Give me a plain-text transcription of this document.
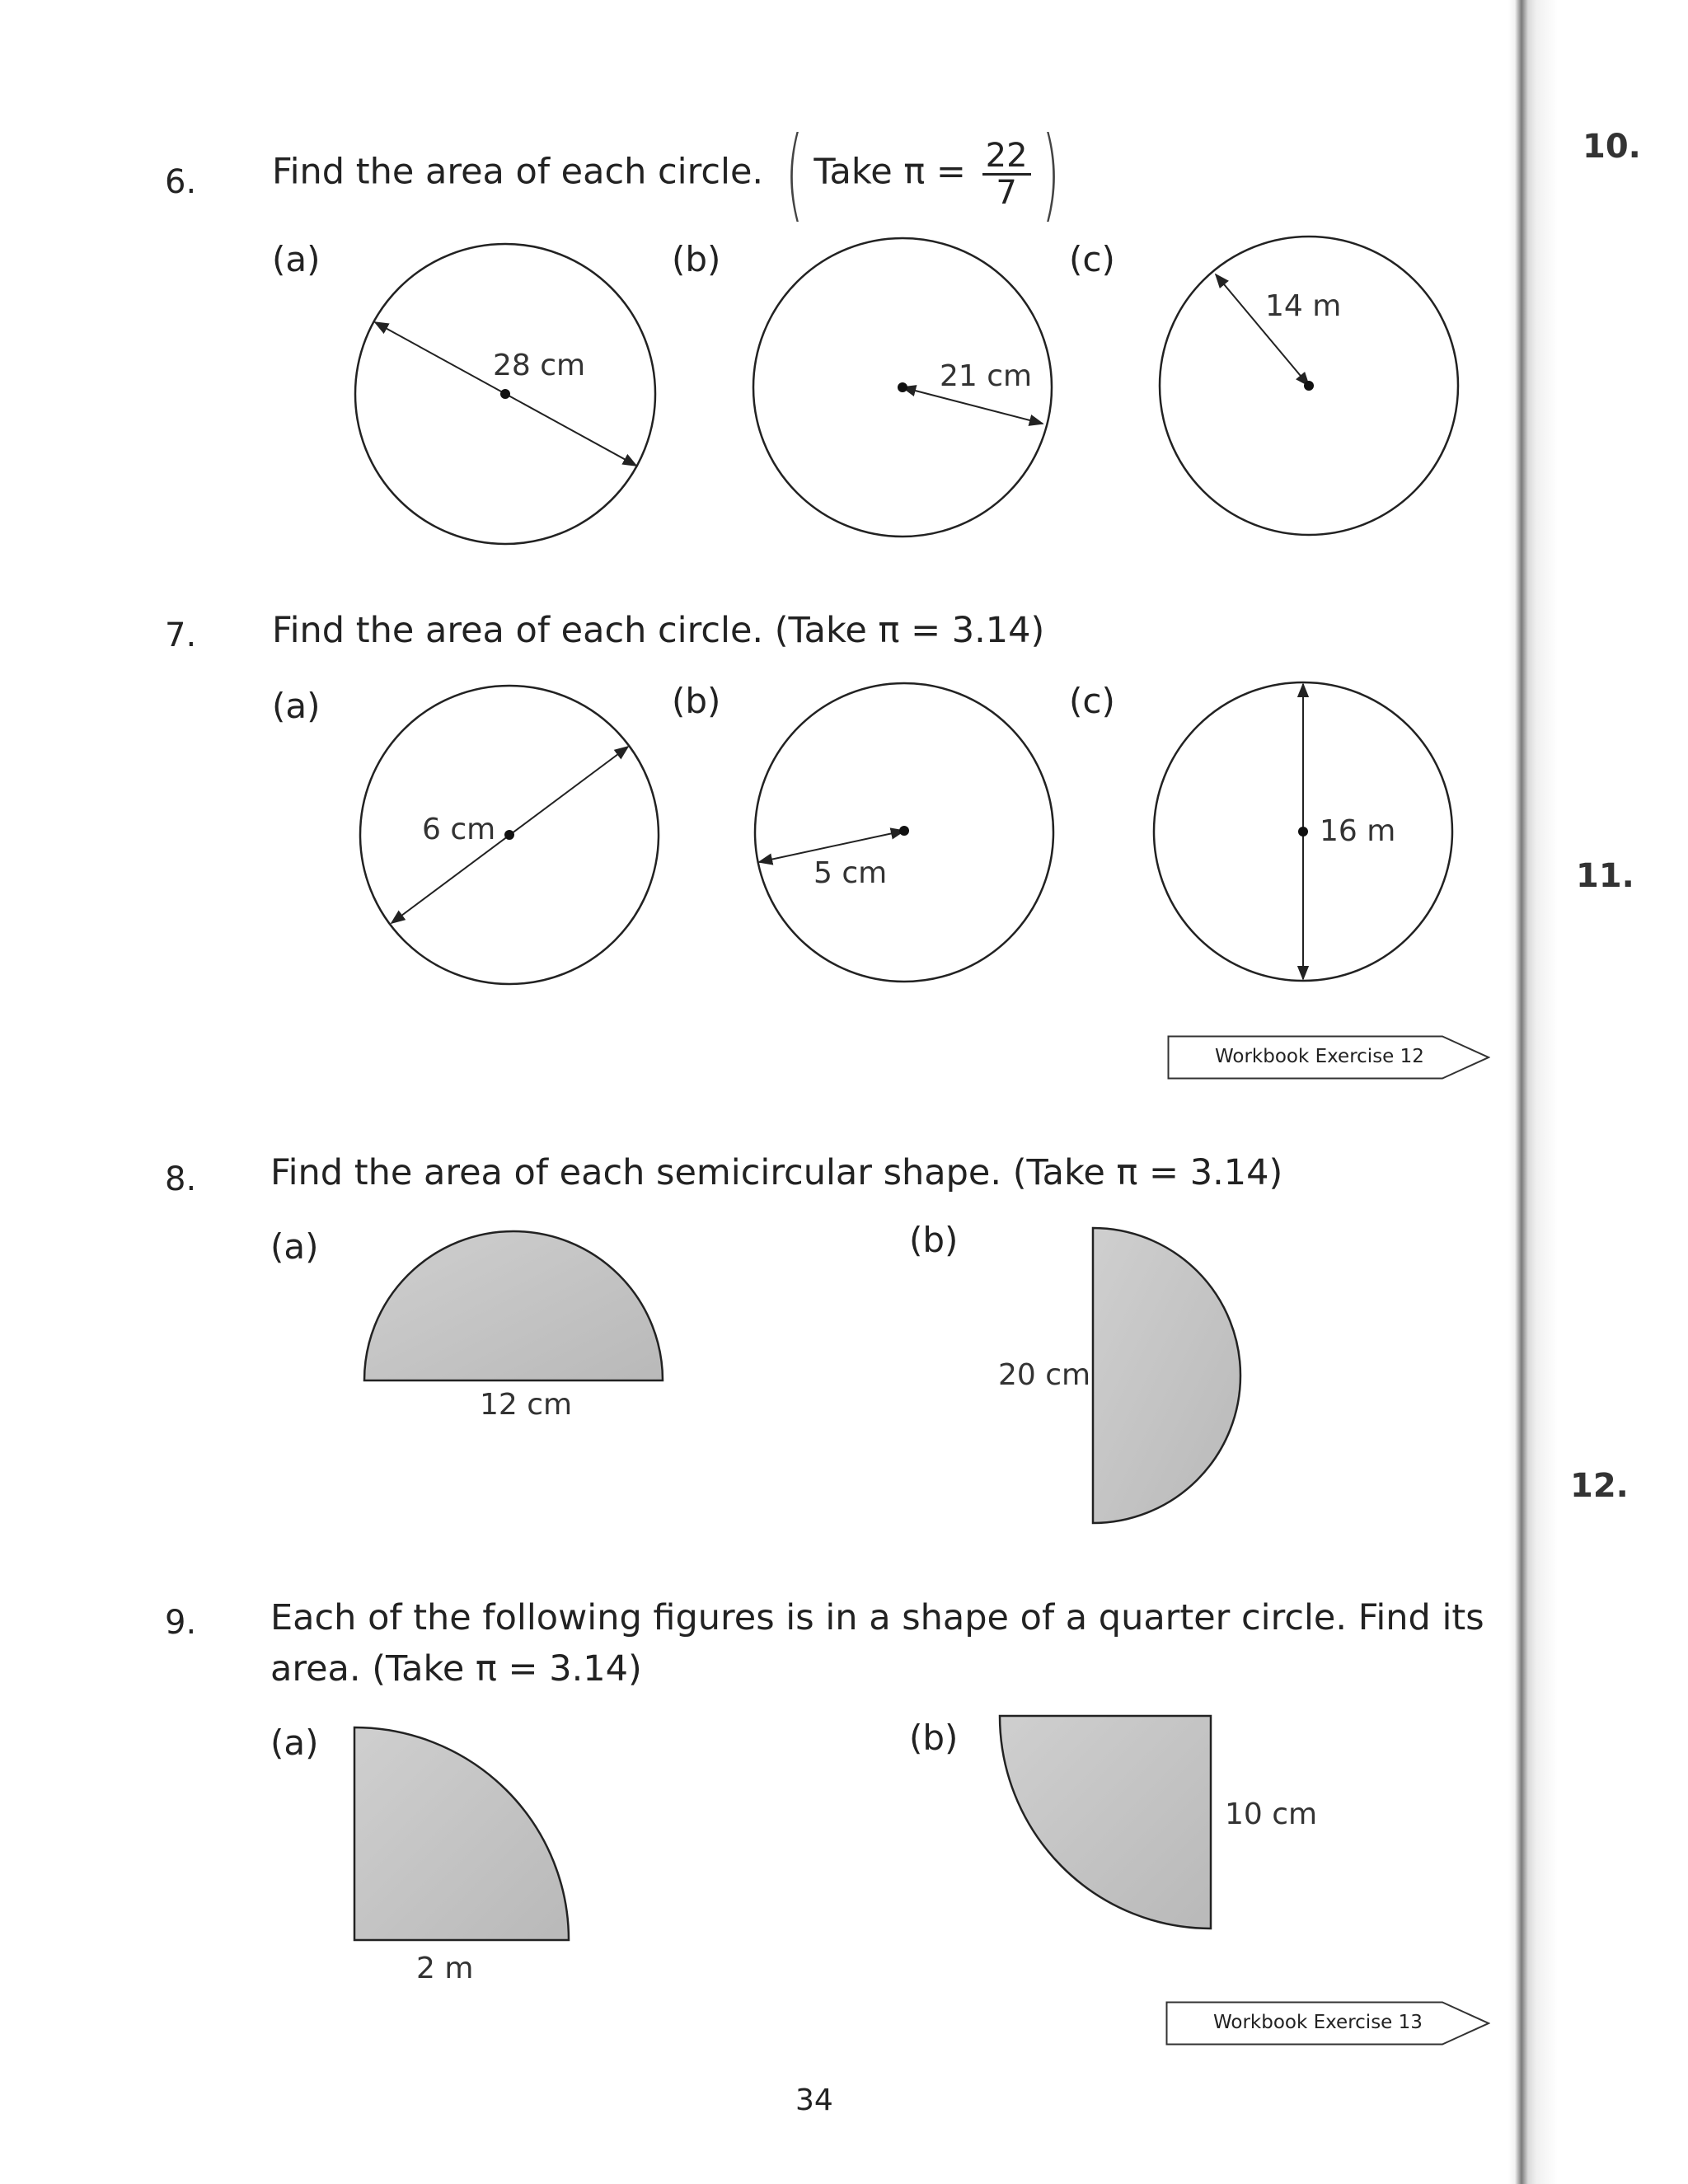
10.
11.
12.
6. Find the area of each circle. ( Take $\pi = \frac{22}{7}$ )
(a)	(b)	(c)
28 cm	21 cm
14 m
6 cm
5 cm
16 m
12 cm
20 cm
2 m
10 cm
7. Find the area of each circle. (Take π = 3.14)
(a)	(b)	(c)
Workbook Exercise 12
8. Find the area of each semicircular shape. (Take π = 3.14)
(a)	(b)
9. Each of the following figures is in a shape of a quarter circle. Find its
area. (Take π = 3.14)
(a)	(b)
Workbook Exercise 13
34
